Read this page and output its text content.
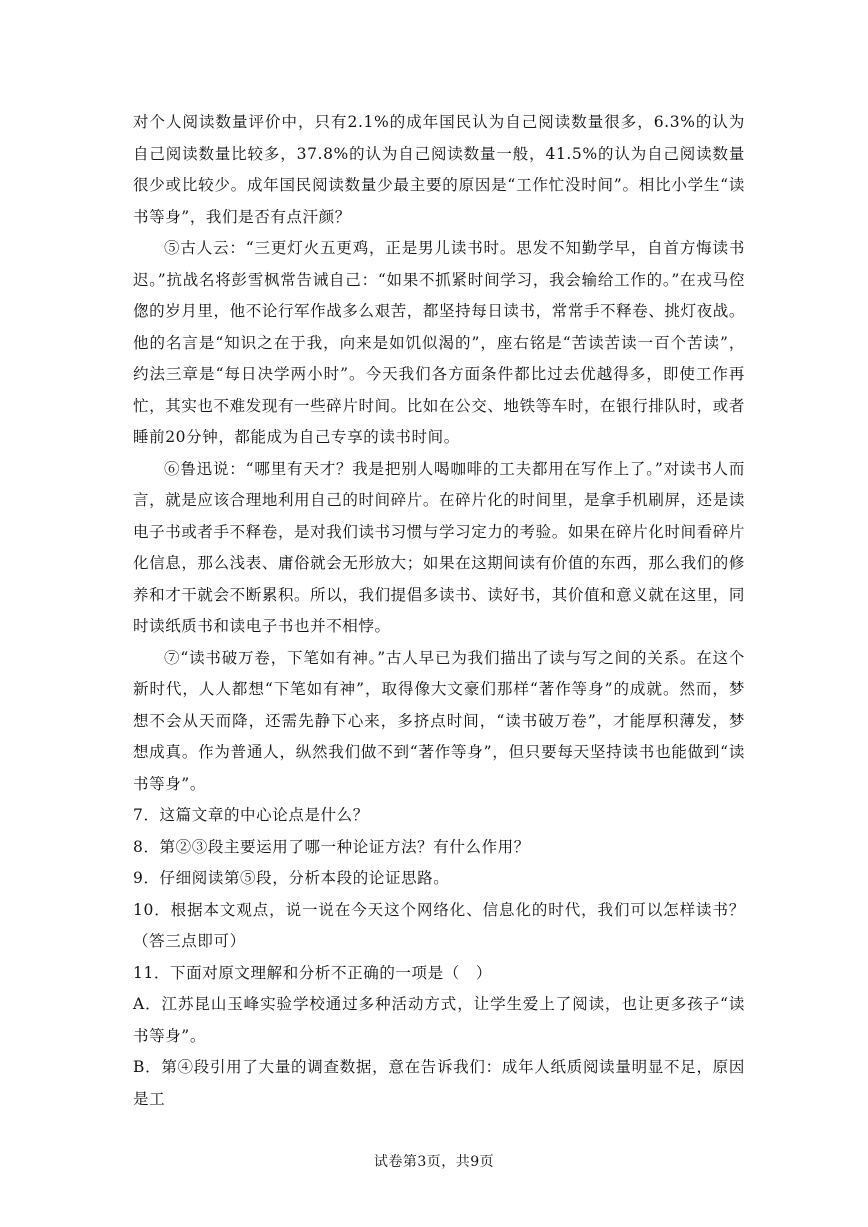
对个人阅读数量评价中，只有2.1%的成年国民认为自己阅读数量很多，6.3%的认为自己阅读数量比较多，37.8%的认为自己阅读数量一般，41.5%的认为自己阅读数量很少或比较少。成年国民阅读数量少最主要的原因是“工作忙没时间”。相比小学生“读书等身”，我们是否有点汗颜？

⑤古人云：“三更灯火五更鸡，正是男儿读书时。思发不知勤学早，自首方悔读书迟。”抗战名将彭雪枫常告诫自己：“如果不抓紧时间学习，我会输给工作的。”在戎马倥偬的岁月里，他不论行军作战多么艰苦，都坚持每日读书，常常手不释卷、挑灯夜战。他的名言是“知识之在于我，向来是如饥似渴的”，座右铭是“苦读苦读一百个苦读”，约法三章是“每日决学两小时”。今天我们各方面条件都比过去优越得多，即使工作再忙，其实也不难发现有一些碎片时间。比如在公交、地铁等车时，在银行排队时，或者睡前20分钟，都能成为自己专享的读书时间。

⑥鲁迅说：“哪里有天才？我是把别人喝咖啡的工夫都用在写作上了。”对读书人而言，就是应该合理地利用自己的时间碎片。在碎片化的时间里，是拿手机刷屏，还是读电子书或者手不释卷，是对我们读书习惯与学习定力的考验。如果在碎片化时间看碎片化信息，那么浅表、庸俗就会无形放大；如果在这期间读有价值的东西，那么我们的修养和才干就会不断累积。所以，我们提倡多读书、读好书，其价值和意义就在这里，同时读纸质书和读电子书也并不相悖。

⑦“读书破万卷，下笔如有神。”古人早已为我们描出了读与写之间的关系。在这个新时代，人人都想“下笔如有神”，取得像大文豪们那样“著作等身”的成就。然而，梦想不会从天而降，还需先静下心来，多挤点时间，“读书破万卷”，才能厚积薄发，梦想成真。作为普通人，纵然我们做不到“著作等身”，但只要每天坚持读书也能做到“读书等身”。

7．这篇文章的中心论点是什么？

8．第②③段主要运用了哪一种论证方法？有什么作用？

9．仔细阅读第⑤段，分析本段的论证思路。

10．根据本文观点，说一说在今天这个网络化、信息化的时代，我们可以怎样读书？（答三点即可）

11．下面对原文理解和分析不正确的一项是（　）

A．江苏昆山玉峰实验学校通过多种活动方式，让学生爱上了阅读，也让更多孩子“读书等身”。

B．第④段引用了大量的调查数据，意在告诉我们：成年人纸质阅读量明显不足，原因是工

试卷第3页，共9页
